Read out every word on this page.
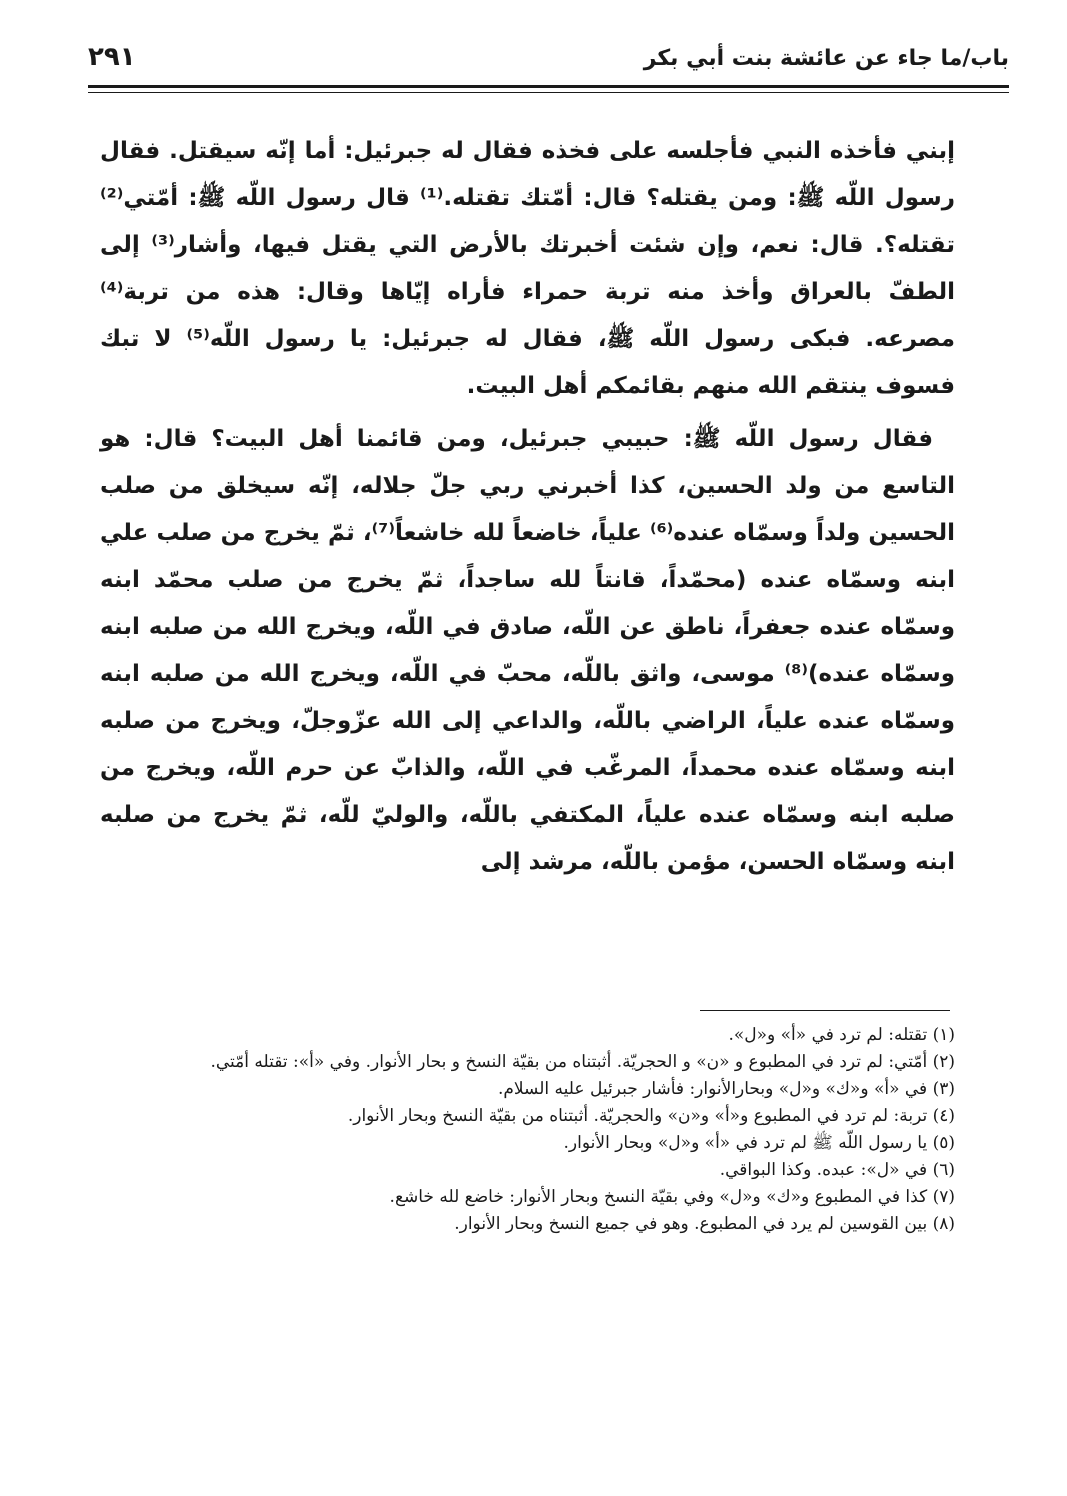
باب/ما جاء عن عائشة بنت أبي بكر
٢٩١

إبني فأخذه النبي فأجلسه على فخذه فقال له جبرئيل: أما إنّه سيقتل. فقال رسول اللّه ﷺ: ومن يقتله؟ قال: أمّتك تقتله.⁽¹⁾ قال رسول اللّه ﷺ: أمّتي⁽²⁾ تقتله؟. قال: نعم، وإن شئت أخبرتك بالأرض التي يقتل فيها، وأشار⁽³⁾ إلى الطفّ بالعراق وأخذ منه تربة حمراء فأراه إيّاها وقال: هذه من تربة⁽⁴⁾ مصرعه. فبكى رسول اللّه ﷺ، فقال له جبرئيل: يا رسول اللّه⁽⁵⁾ لا تبك فسوف ينتقم الله منهم بقائمكم أهل البيت.

فقال رسول اللّه ﷺ: حبيبي جبرئيل، ومن قائمنا أهل البيت؟ قال: هو التاسع من ولد الحسين، كذا أخبرني ربي جلّ جلاله، إنّه سيخلق من صلب الحسين ولداً وسمّاه عنده⁽⁶⁾ علياً، خاضعاً لله خاشعاً⁽⁷⁾، ثمّ يخرج من صلب علي ابنه وسمّاه عنده (محمّداً، قانتاً لله ساجداً، ثمّ يخرج من صلب محمّد ابنه وسمّاه عنده جعفراً، ناطق عن اللّه، صادق في اللّه، ويخرج الله من صلبه ابنه وسمّاه عنده)⁽⁸⁾ موسى، واثق باللّه، محبّ في اللّه، ويخرج الله من صلبه ابنه وسمّاه عنده علياً، الراضي باللّه، والداعي إلى الله عزّوجلّ، ويخرج من صلبه ابنه وسمّاه عنده محمداً، المرغّب في اللّه، والذابّ عن حرم اللّه، ويخرج من صلبه ابنه وسمّاه عنده علياً، المكتفي باللّه، والوليّ للّه، ثمّ يخرج من صلبه ابنه وسمّاه الحسن، مؤمن باللّه، مرشد إلى

(١) تقتله: لم ترد في «أ» و«ل».

(٢) أمّتي: لم ترد في المطبوع و «ن» و الحجريّة. أثبتناه من بقيّة النسخ و بحار الأنوار. وفي «أ»: تقتله أمّتي.

(٣) في «أ» و«ك» و«ل» وبحارالأنوار: فأشار جبرئيل عليه السلام.

(٤) تربة: لم ترد في المطبوع و«أ» و«ن» والحجريّة. أثبتناه من بقيّة النسخ وبحار الأنوار.

(٥) يا رسول اللّه ﷺ لم ترد في «أ» و«ل» وبحار الأنوار.

(٦) في «ل»: عبده. وكذا البواقي.

(٧) كذا في المطبوع و«ك» و«ل» وفي بقيّة النسخ وبحار الأنوار: خاضع لله خاشع.

(٨) بين القوسين لم يرد في المطبوع. وهو في جميع النسخ وبحار الأنوار.
